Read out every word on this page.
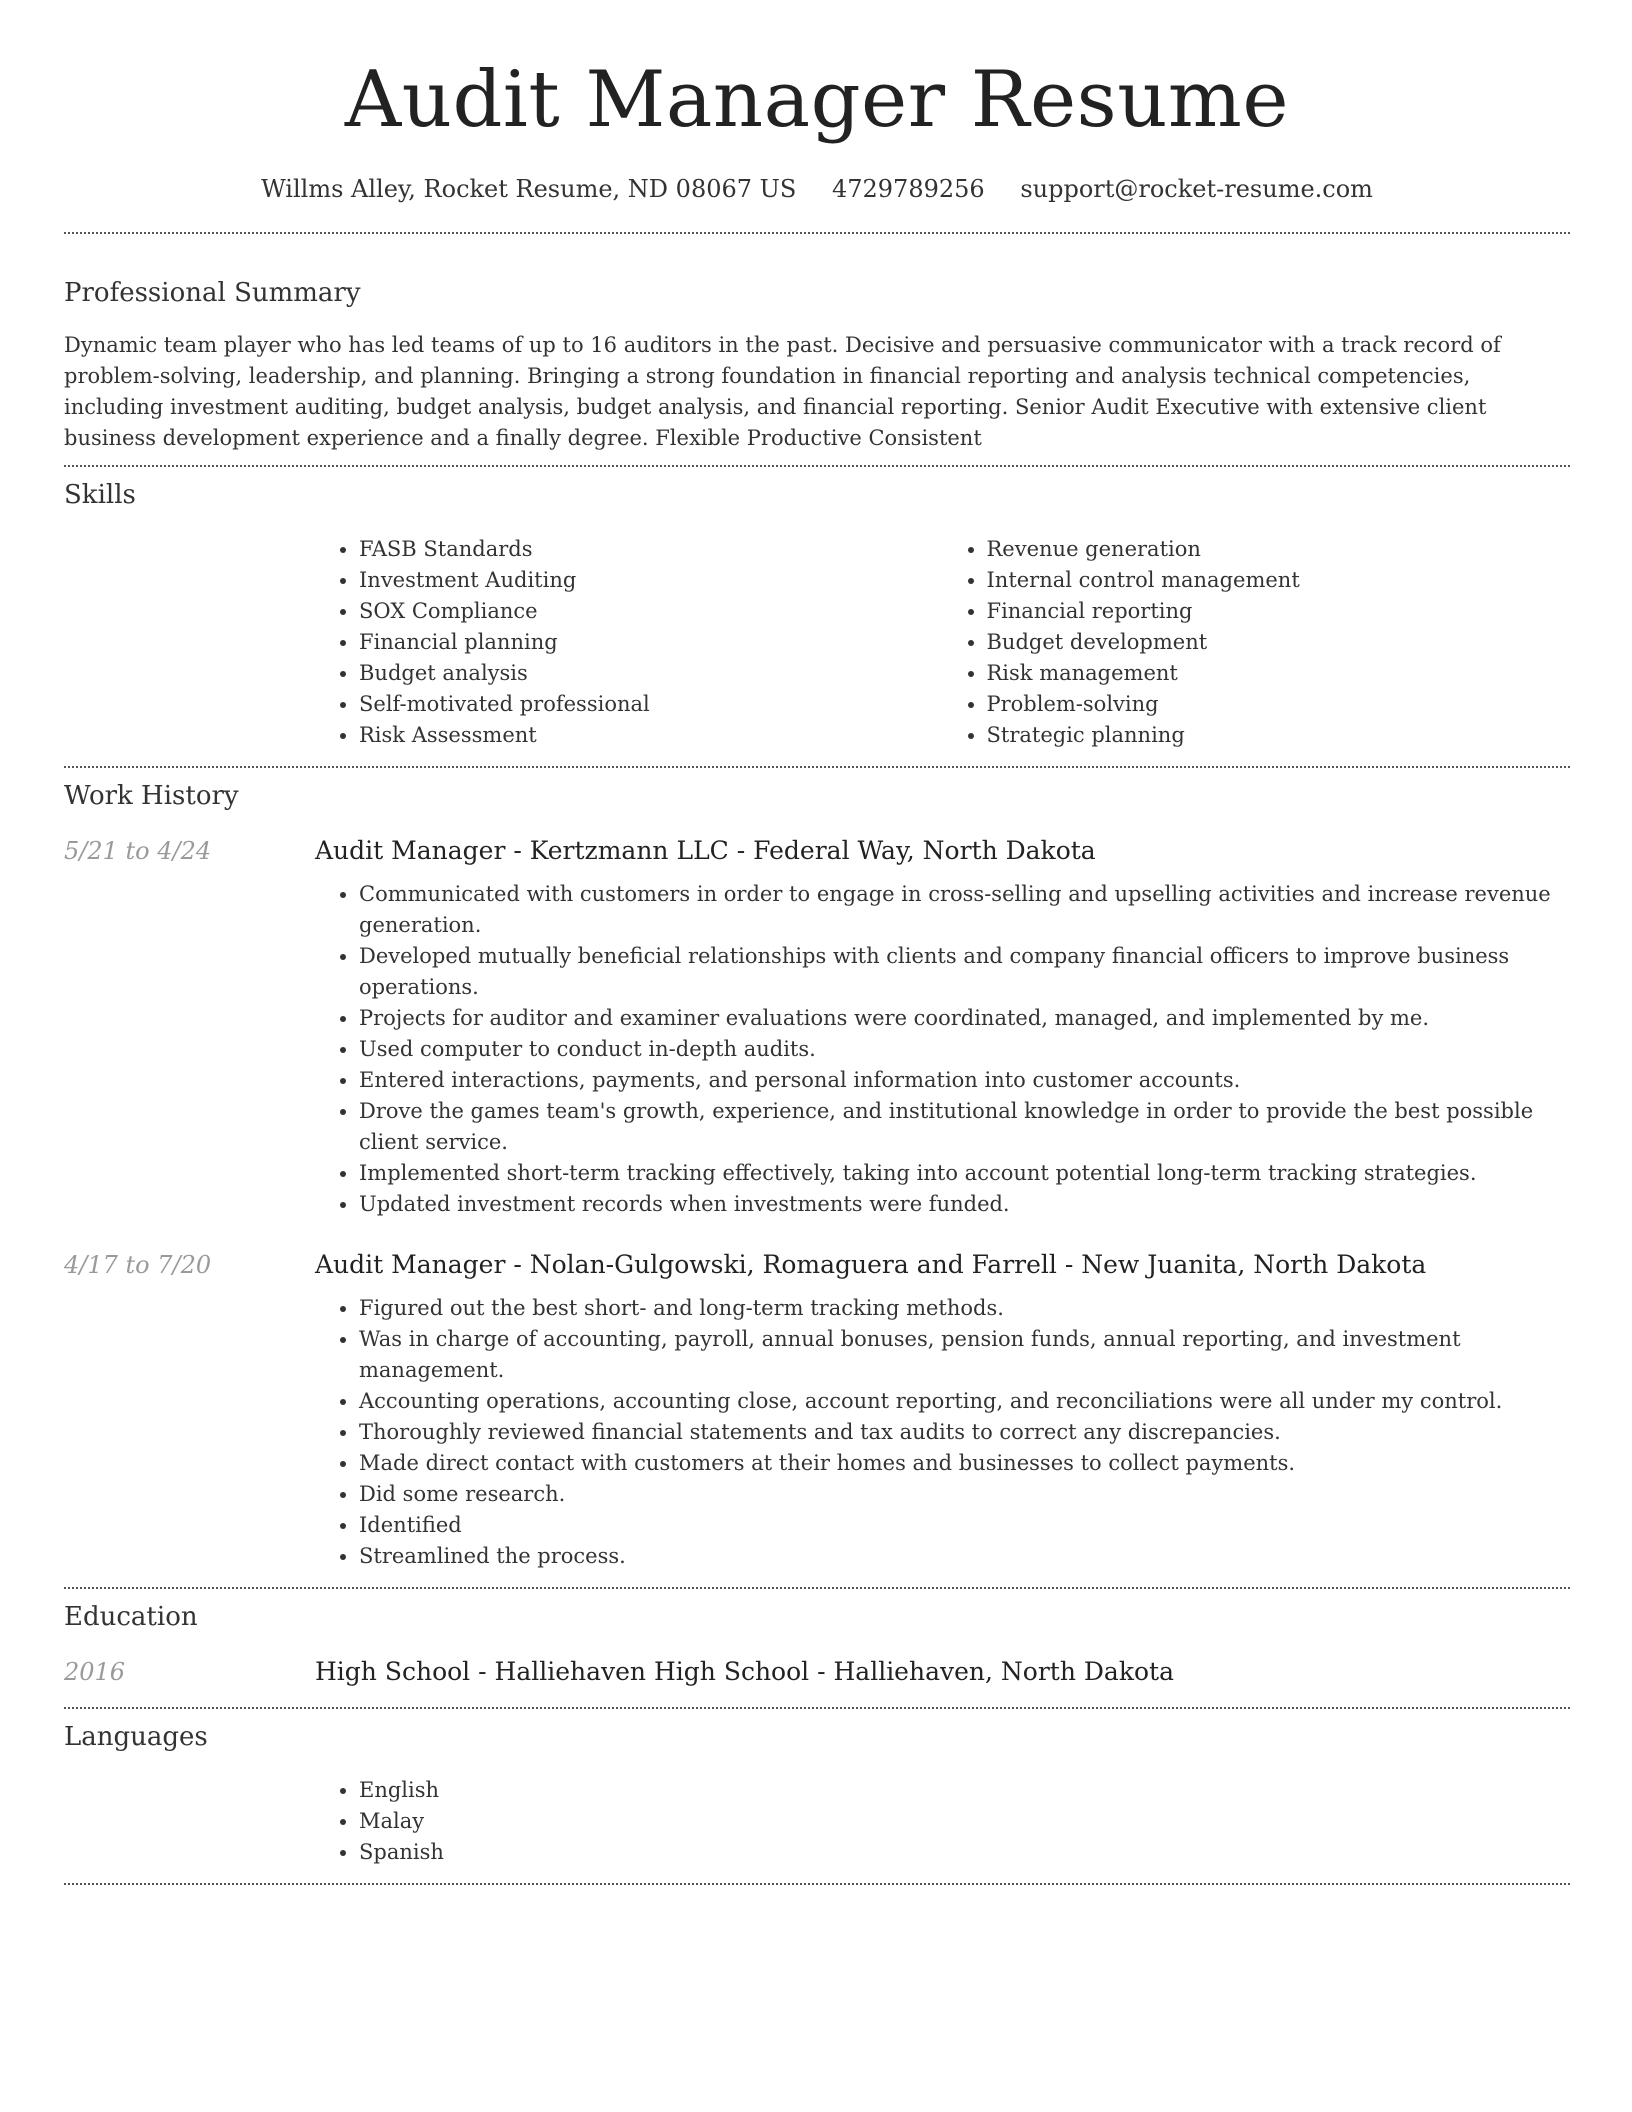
Audit Manager Resume
Willms Alley, Rocket Resume, ND 08067 US 4729789256 support@rocket-resume.com
Professional Summary

Dynamic team player who has led teams of up to 16 auditors in the past. Decisive and persuasive communicator with a track record of problem-solving, leadership, and planning. Bringing a strong foundation in financial reporting and analysis technical competencies, including investment auditing, budget analysis, budget analysis, and financial reporting. Senior Audit Executive with extensive client business development experience and a finally degree. Flexible Productive Consistent

Skills
• FASB Standards
• Investment Auditing
• SOX Compliance
• Financial planning
• Budget analysis
• Self-motivated professional
• Risk Assessment
• Revenue generation
• Internal control management
• Financial reporting
• Budget development
• Risk management
• Problem-solving
• Strategic planning
Work History
5/21 to 4/24	Audit Manager - Kertzmann LLC - Federal Way, North Dakota
• Communicated with customers in order to engage in cross-selling and upselling activities and increase revenue generation.
• Developed mutually beneficial relationships with clients and company financial officers to improve business operations.
• Projects for auditor and examiner evaluations were coordinated, managed, and implemented by me.
• Used computer to conduct in-depth audits.
• Entered interactions, payments, and personal information into customer accounts.
• Drove the games team's growth, experience, and institutional knowledge in order to provide the best possible client service.
• Implemented short-term tracking effectively, taking into account potential long-term tracking strategies.
• Updated investment records when investments were funded.
4/17 to 7/20	Audit Manager - Nolan-Gulgowski, Romaguera and Farrell - New Juanita, North Dakota
• Figured out the best short- and long-term tracking methods.
• Was in charge of accounting, payroll, annual bonuses, pension funds, annual reporting, and investment management.
• Accounting operations, accounting close, account reporting, and reconciliations were all under my control.
• Thoroughly reviewed financial statements and tax audits to correct any discrepancies.
• Made direct contact with customers at their homes and businesses to collect payments.
• Did some research.
• Identified
• Streamlined the process.
Education
2016	High School - Halliehaven High School - Halliehaven, North Dakota
Languages
• English
• Malay
• Spanish
